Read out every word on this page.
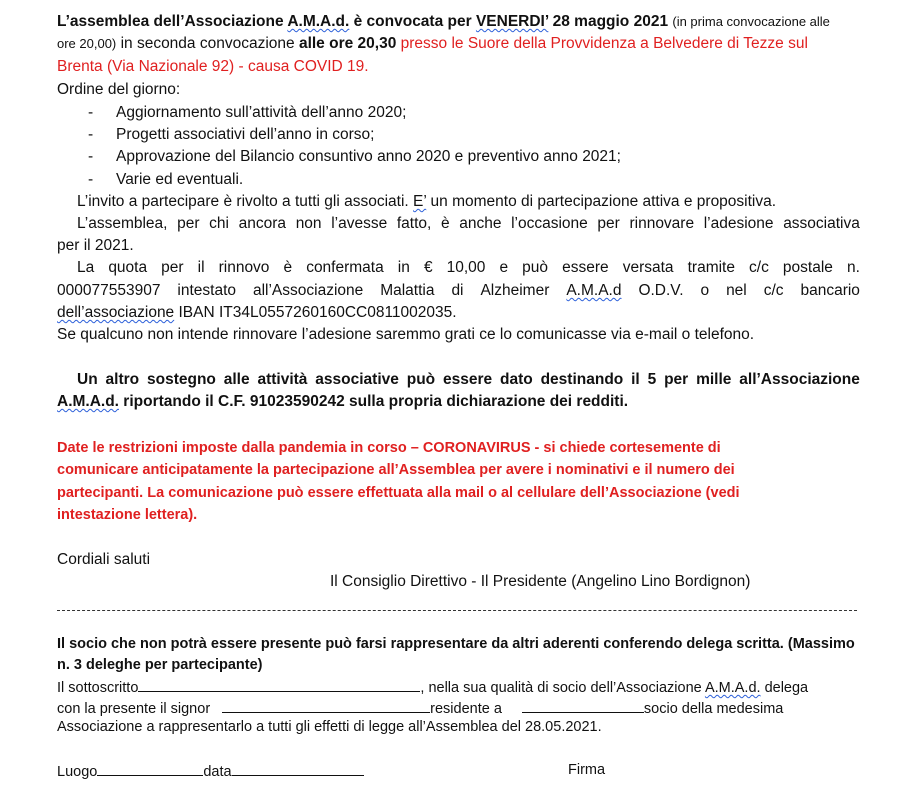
L’assemblea dell’Associazione A.M.A.d. è convocata per VENERDI’ 28 maggio 2021 (in prima convocazione alle
ore 20,00) in seconda convocazione alle ore 20,30 presso le Suore della Provvidenza a Belvedere di Tezze sul
Brenta (Via Nazionale 92) - causa COVID 19.
Ordine del giorno:
- Aggiornamento sull’attività dell’anno 2020;
- Progetti associativi dell’anno in corso;
- Approvazione del Bilancio consuntivo anno 2020 e preventivo anno 2021;
- Varie ed eventuali.
L’invito a partecipare è rivolto a tutti gli associati. E’ un momento di partecipazione attiva e propositiva.
L’assemblea, per chi ancora non l’avesse fatto, è anche l’occasione per rinnovare l’adesione associativa
per il 2021.
La quota per il rinnovo è confermata in € 10,00 e può essere versata tramite c/c postale n.
000077553907 intestato all’Associazione Malattia di Alzheimer A.M.A.d O.D.V. o nel c/c bancario
dell’associazione IBAN IT34L0557260160CC0811002035.
Se qualcuno non intende rinnovare l’adesione saremmo grati ce lo comunicasse via e-mail o telefono.
Un altro sostegno alle attività associative può essere dato destinando il 5 per mille all’Associazione
A.M.A.d. riportando il C.F. 91023590242 sulla propria dichiarazione dei redditi.
Date le restrizioni imposte dalla pandemia in corso – CORONAVIRUS - si chiede cortesemente di
comunicare anticipatamente la partecipazione all’Assemblea per avere i nominativi e il numero dei
partecipanti. La comunicazione può essere effettuata alla mail o al cellulare dell’Associazione (vedi
intestazione lettera).
Cordiali saluti
Il Consiglio Direttivo - Il Presidente (Angelino Lino Bordignon)
Il socio che non potrà essere presente può farsi rappresentare da altri aderenti conferendo delega scritta. (Massimo
n. 3 deleghe per partecipante)
Il sottoscritto	, nella sua qualità di socio dell’Associazione A.M.A.d. delega
con la presente il signor	residente a	socio della medesima
Associazione a rappresentarlo a tutti gli effetti di legge all’Assemblea del 28.05.2021.
Luogo	data	Firma
